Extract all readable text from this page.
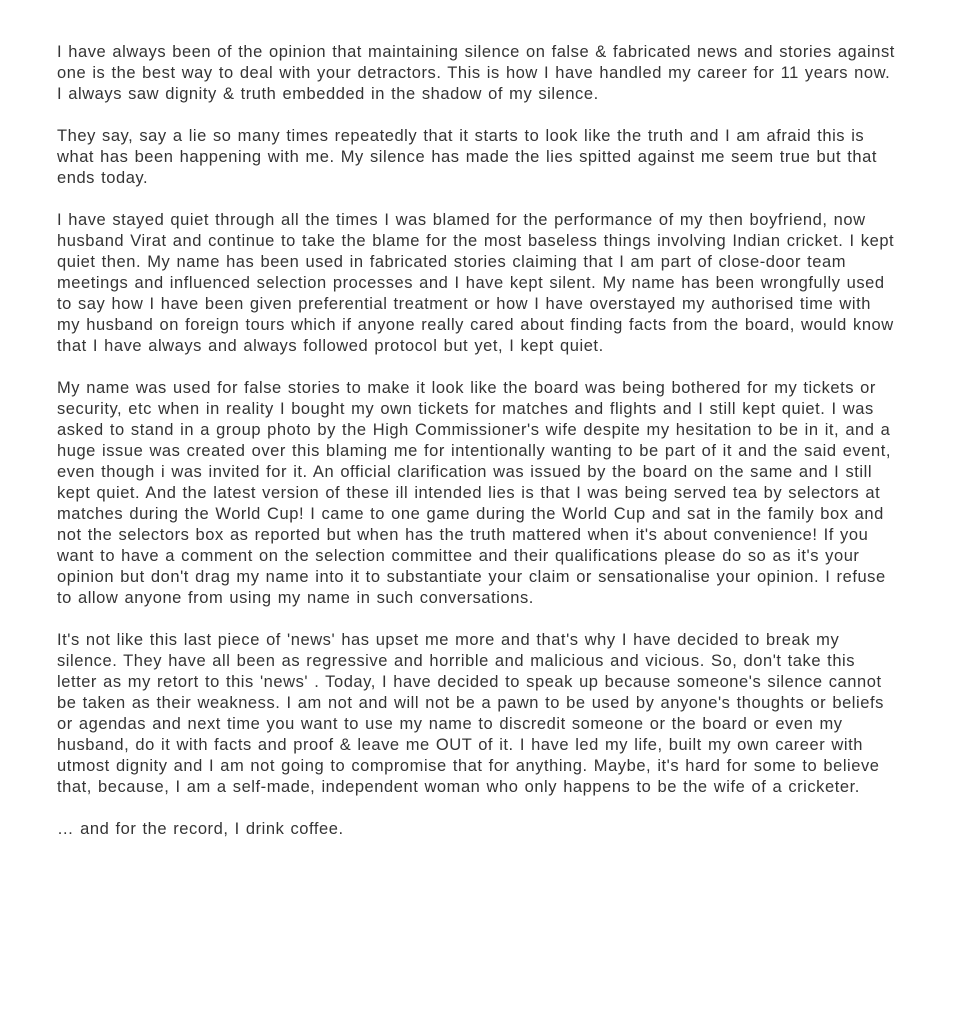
I have always been of the opinion that maintaining silence on false & fabricated news and stories against one is the best way to deal with your detractors. This is how I have handled my career for 11 years now. I always saw dignity & truth embedded in the shadow of my silence.

They say, say a lie so many times repeatedly that it starts to look like the truth and I am afraid this is what has been happening with me. My silence has made the lies spitted against me seem true but that ends today.

I have stayed quiet through all the times I was blamed for the performance of my then boyfriend, now husband Virat and continue to take the blame for the most baseless things involving Indian cricket. I kept quiet then. My name has been used in fabricated stories claiming that I am part of close-door team meetings and influenced selection processes and I have kept silent. My name has been wrongfully used to say how I have been given preferential treatment or how I have overstayed my authorised time with my husband on foreign tours which if anyone really cared about finding facts from the board, would know that I have always and always followed protocol but yet, I kept quiet.

My name was used for false stories to make it look like the board was being bothered for my tickets or security, etc when in reality I bought my own tickets for matches and flights and I still kept quiet. I was asked to stand in a group photo by the High Commissioner's wife despite my hesitation to be in it, and a huge issue was created over this blaming me for intentionally wanting to be part of it and the said event, even though i was invited for it. An official clarification was issued by the board on the same and I still kept quiet. And the latest version of these ill intended lies is that I was being served tea by selectors at matches during the World Cup! I came to one game during the World Cup and sat in the family box and not the selectors box as reported but when has the truth mattered when it's about convenience! If you want to have a comment on the selection committee and their qualifications please do so as it's your opinion but don't drag my name into it to substantiate your claim or sensationalise your opinion. I refuse to allow anyone from using my name in such conversations.

It's not like this last piece of 'news' has upset me more and that's why I have decided to break my silence. They have all been as regressive and horrible and malicious and vicious. So, don't take this letter as my retort to this 'news' . Today, I have decided to speak up because someone's silence cannot be taken as their weakness. I am not and will not be a pawn to be used by anyone's thoughts or beliefs or agendas and next time you want to use my name to discredit someone or the board or even my husband, do it with facts and proof & leave me OUT of it. I have led my life, built my own career with utmost dignity and I am not going to compromise that for anything. Maybe, it's hard for some to believe that, because, I am a self-made, independent woman who only happens to be the wife of a cricketer.

… and for the record, I drink coffee.
